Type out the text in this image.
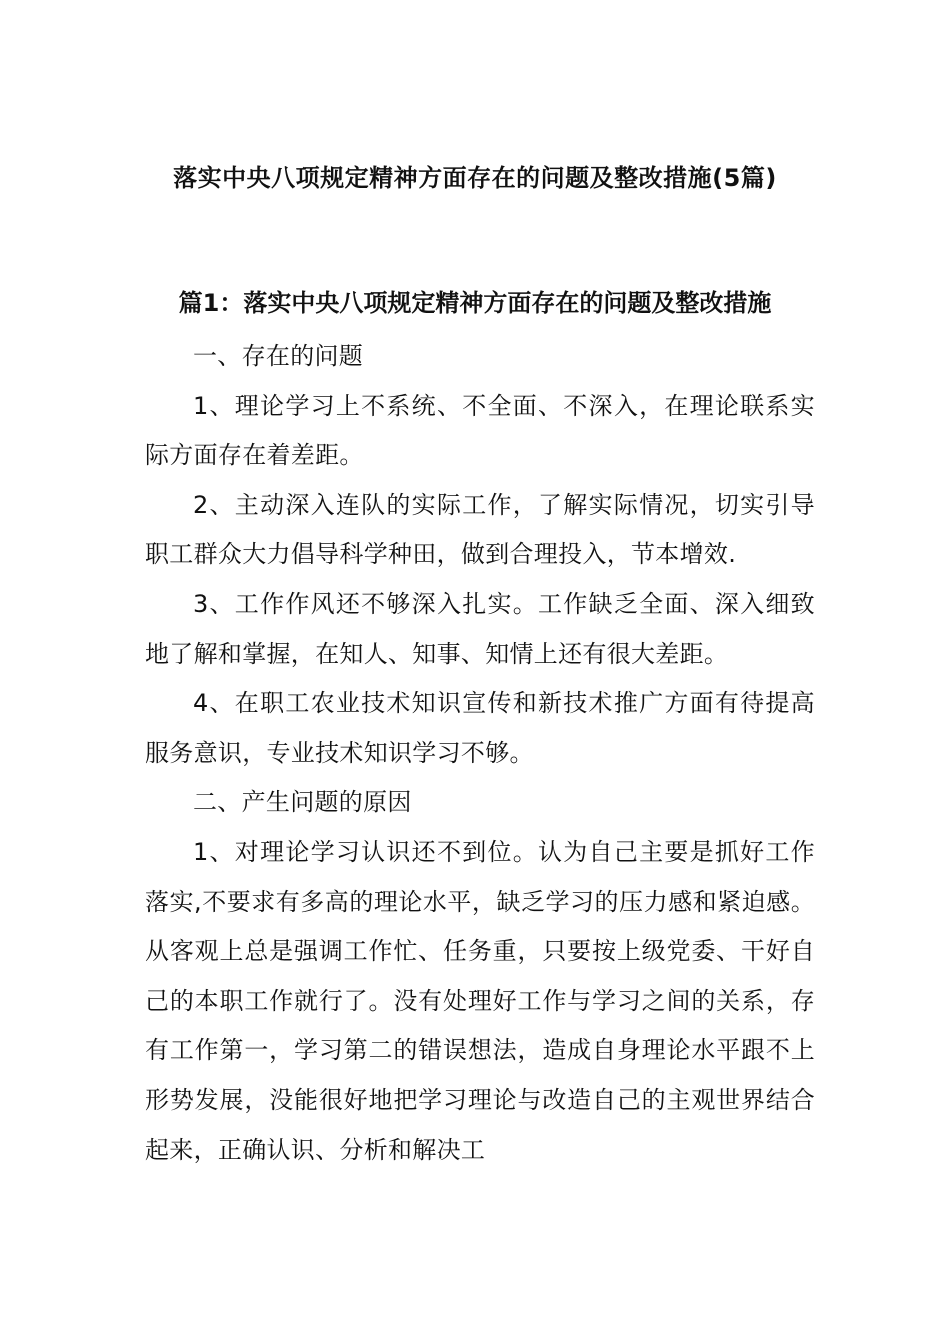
落实中央八项规定精神方面存在的问题及整改措施(5篇)
篇1：落实中央八项规定精神方面存在的问题及整改措施

一、存在的问题

1、理论学习上不系统、不全面、不深入，在理论联系实际方面存在着差距。

2、主动深入连队的实际工作，了解实际情况，切实引导职工群众大力倡导科学种田，做到合理投入，节本增效.

3、工作作风还不够深入扎实。工作缺乏全面、深入细致地了解和掌握，在知人、知事、知情上还有很大差距。

4、在职工农业技术知识宣传和新技术推广方面有待提高服务意识，专业技术知识学习不够。

二、产生问题的原因

1、对理论学习认识还不到位。认为自己主要是抓好工作落实,不要求有多高的理论水平，缺乏学习的压力感和紧迫感。从客观上总是强调工作忙、任务重，只要按上级党委、干好自己的本职工作就行了。没有处理好工作与学习之间的关系，存有工作第一，学习第二的错误想法，造成自身理论水平跟不上形势发展，没能很好地把学习理论与改造自己的主观世界结合起来，正确认识、分析和解决工
